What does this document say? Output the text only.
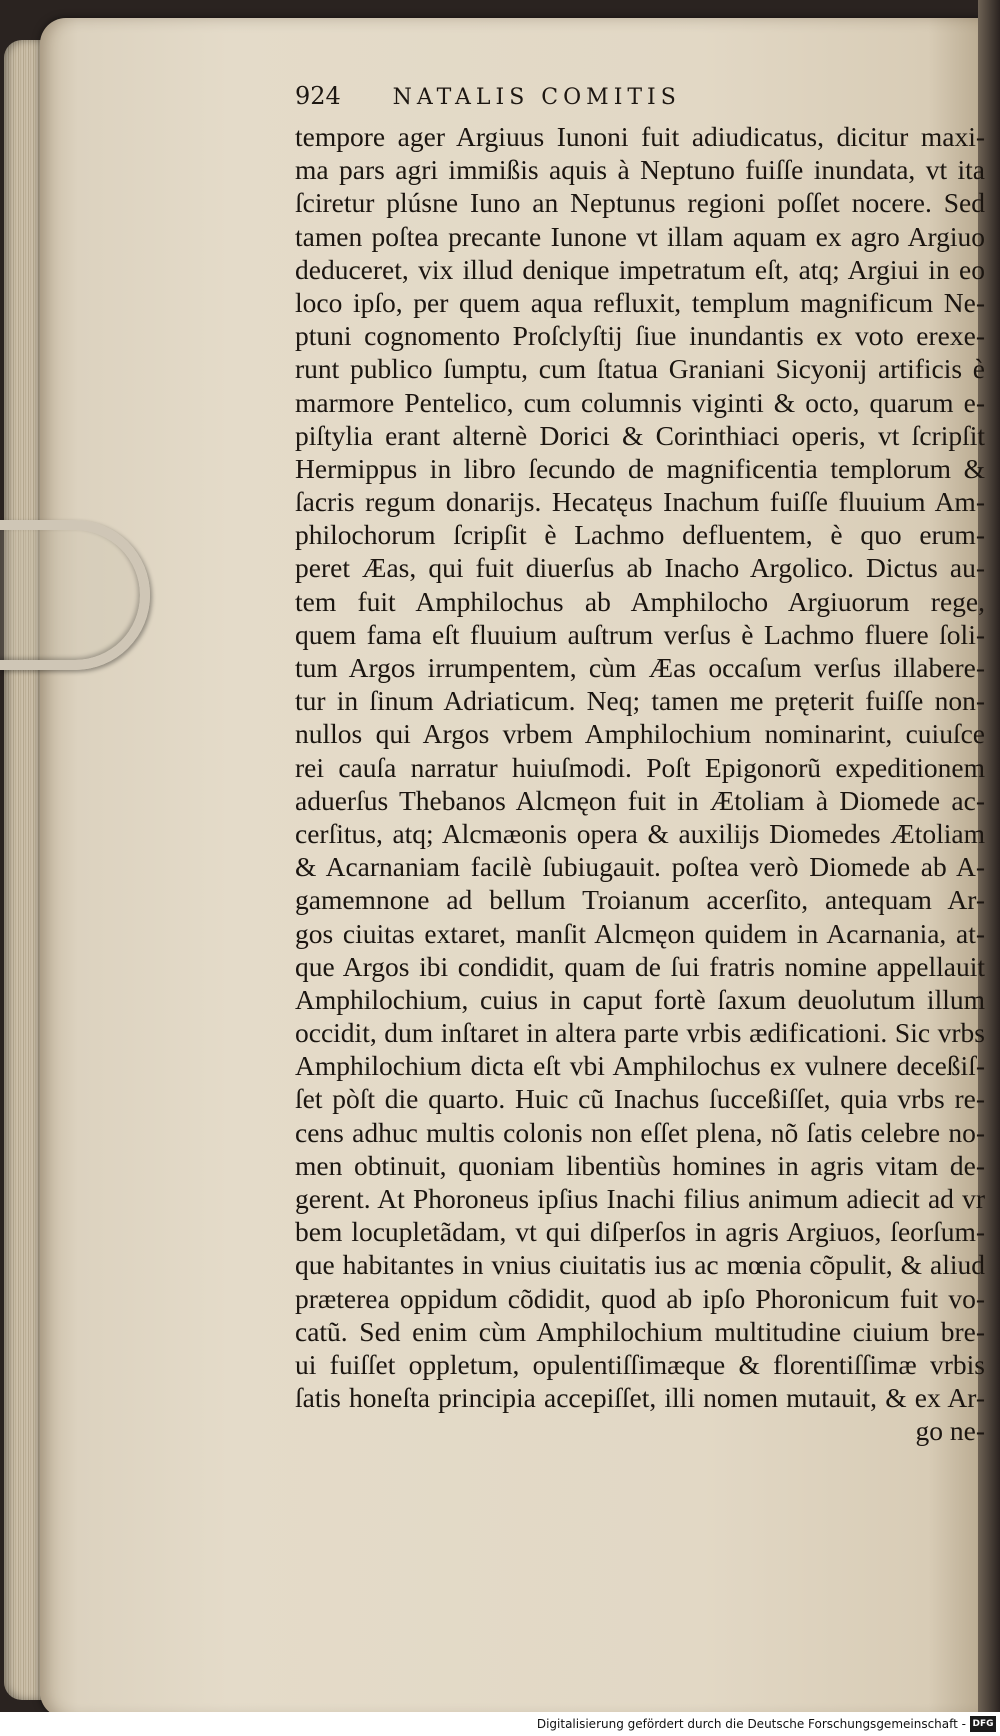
924 NATALIS COMITIS
tempore ager Argiuus Iunoni fuit adiudicatus, dicitur maxi-
ma pars agri immißis aquis à Neptuno fuiſſe inundata, vt ita
ſciretur plúsne Iuno an Neptunus regioni poſſet nocere. Sed
tamen poſtea precante Iunone vt illam aquam ex agro Argiuo
deduceret, vix illud denique impetratum eſt, atq; Argiui in eo
loco ipſo, per quem aqua refluxit, templum magnificum Ne-
ptuni cognomento Proſclyſtij ſiue inundantis ex voto erexe-
runt publico ſumptu, cum ſtatua Graniani Sicyonij artificis è
marmore Pentelico, cum columnis viginti & octo, quarum e-
piſtylia erant alternè Dorici & Corinthiaci operis, vt ſcripſit
Hermippus in libro ſecundo de magnificentia templorum &
ſacris regum donarijs. Hecatęus Inachum fuiſſe fluuium Am-
philochorum ſcripſit è Lachmo defluentem, è quo erum-
peret Æas, qui fuit diuerſus ab Inacho Argolico. Dictus au-
tem fuit Amphilochus ab Amphilocho Argiuorum rege,
quem fama eſt fluuium auſtrum verſus è Lachmo fluere ſoli-
tum Argos irrumpentem, cùm Æas occaſum verſus illabere-
tur in ſinum Adriaticum. Neq; tamen me pręterit fuiſſe non-
nullos qui Argos vrbem Amphilochium nominarint, cuiuſce
rei cauſa narratur huiuſmodi. Poſt Epigonorũ expeditionem
aduerſus Thebanos Alcmęon fuit in Ætoliam à Diomede ac-
cerſitus, atq; Alcmæonis opera & auxilijs Diomedes Ætoliam
& Acarnaniam facilè ſubiugauit. poſtea verò Diomede ab A-
gamemnone ad bellum Troianum accerſito, antequam Ar-
gos ciuitas extaret, manſit Alcmęon quidem in Acarnania, at-
que Argos ibi condidit, quam de ſui fratris nomine appellauit
Amphilochium, cuius in caput fortè ſaxum deuolutum illum
occidit, dum inſtaret in altera parte vrbis ædificationi. Sic vrbs
Amphilochium dicta eſt vbi Amphilochus ex vulnere deceßiſ-
ſet pòſt die quarto. Huic cũ Inachus ſucceßiſſet, quia vrbs re-
cens adhuc multis colonis non eſſet plena, nõ ſatis celebre no-
men obtinuit, quoniam libentiùs homines in agris vitam de-
gerent. At Phoroneus ipſius Inachi filius animum adiecit ad vr
bem locupletãdam, vt qui diſperſos in agris Argiuos, ſeorſum-
que habitantes in vnius ciuitatis ius ac mœnia cõpulit, & aliud
præterea oppidum cõdidit, quod ab ipſo Phoronicum fuit vo-
catũ. Sed enim cùm Amphilochium multitudine ciuium bre-
ui fuiſſet oppletum, opulentiſſimæque & florentiſſimæ vrbis
ſatis honeſta principia accepiſſet, illi nomen mutauit, & ex Ar-
go ne-
Digitalisierung gefördert durch die Deutsche Forschungsgemeinschaft - DFG
